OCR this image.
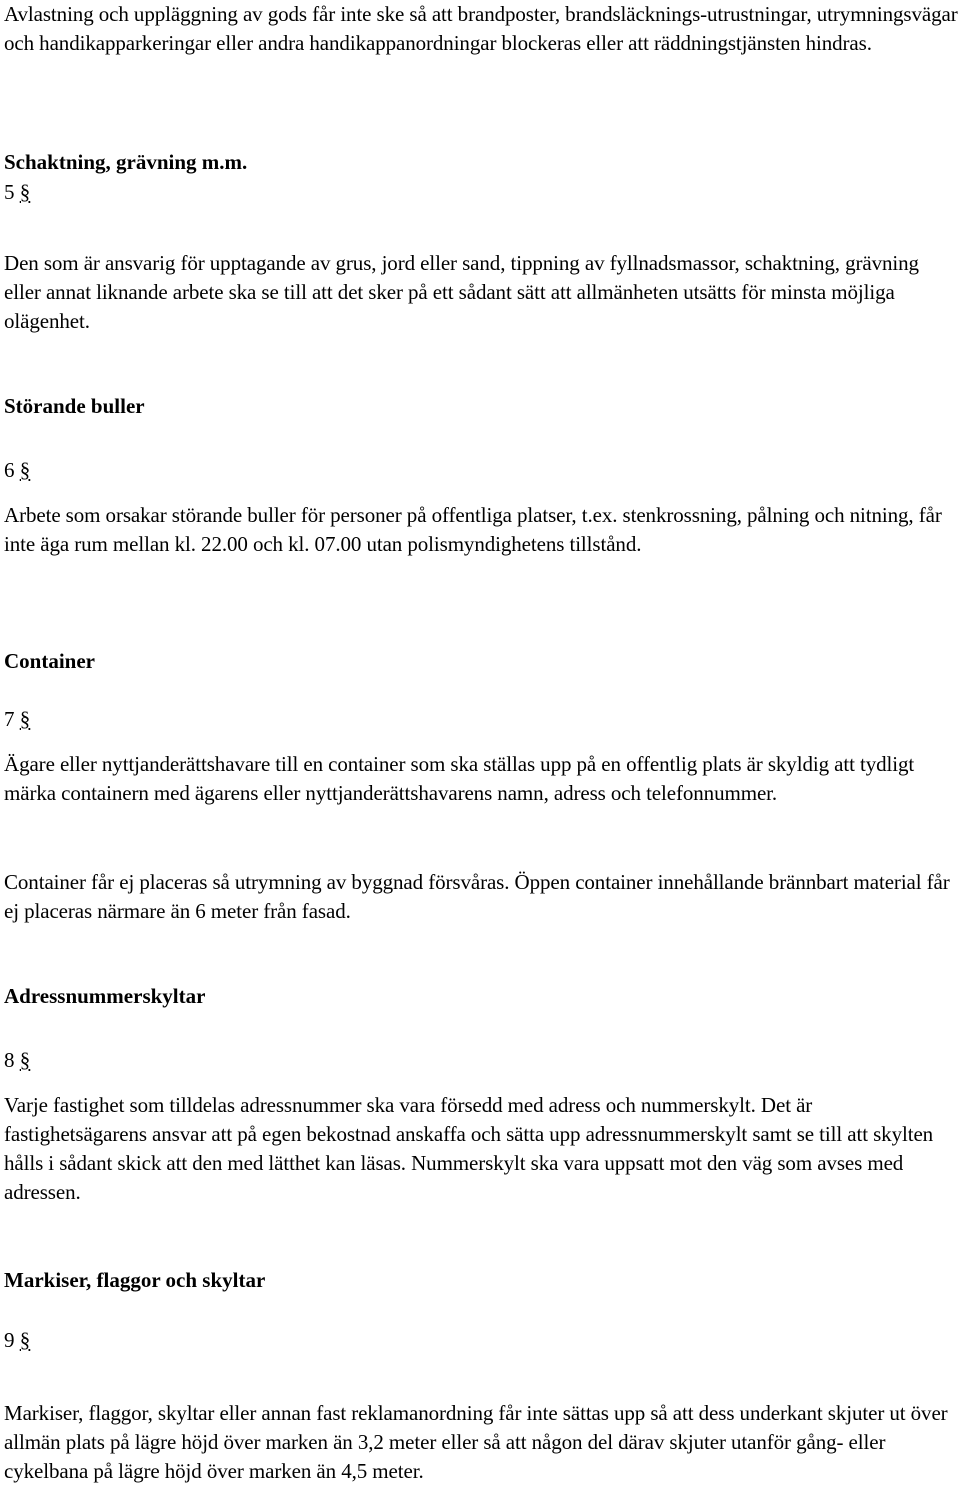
Avlastning och uppläggning av gods får inte ske så att brandposter, brandsläcknings-utrustningar, utrymningsvägar och handikapparkeringar eller andra handikappanordningar blockeras eller att räddningstjänsten hindras.

Schaktning, grävning m.m.
5 §

Den som är ansvarig för upptagande av grus, jord eller sand, tippning av fyllnadsmassor, schaktning, grävning eller annat liknande arbete ska se till att det sker på ett sådant sätt att allmänheten utsätts för minsta möjliga olägenhet.

Störande buller
6 §

Arbete som orsakar störande buller för personer på offentliga platser, t.ex. stenkrossning, pålning och nitning, får inte äga rum mellan kl. 22.00 och kl. 07.00 utan polismyndighetens tillstånd.

Container
7 §

Ägare eller nyttjanderättshavare till en container som ska ställas upp på en offentlig plats är skyldig att tydligt märka containern med ägarens eller nyttjanderättshavarens namn, adress och telefonnummer.

Container får ej placeras så utrymning av byggnad försvåras. Öppen container innehållande brännbart material får ej placeras närmare än 6 meter från fasad.

Adressnummerskyltar
8 §

Varje fastighet som tilldelas adressnummer ska vara försedd med adress och nummerskylt. Det är fastighetsägarens ansvar att på egen bekostnad anskaffa och sätta upp adressnummerskylt samt se till att skylten hålls i sådant skick att den med lätthet kan läsas. Nummerskylt ska vara uppsatt mot den väg som avses med adressen.

Markiser, flaggor och skyltar
9 §

Markiser, flaggor, skyltar eller annan fast reklamanordning får inte sättas upp så att dess underkant skjuter ut över allmän plats på lägre höjd över marken än 3,2 meter eller så att någon del därav skjuter utanför gång- eller cykelbana på lägre höjd över marken än 4,5 meter.
